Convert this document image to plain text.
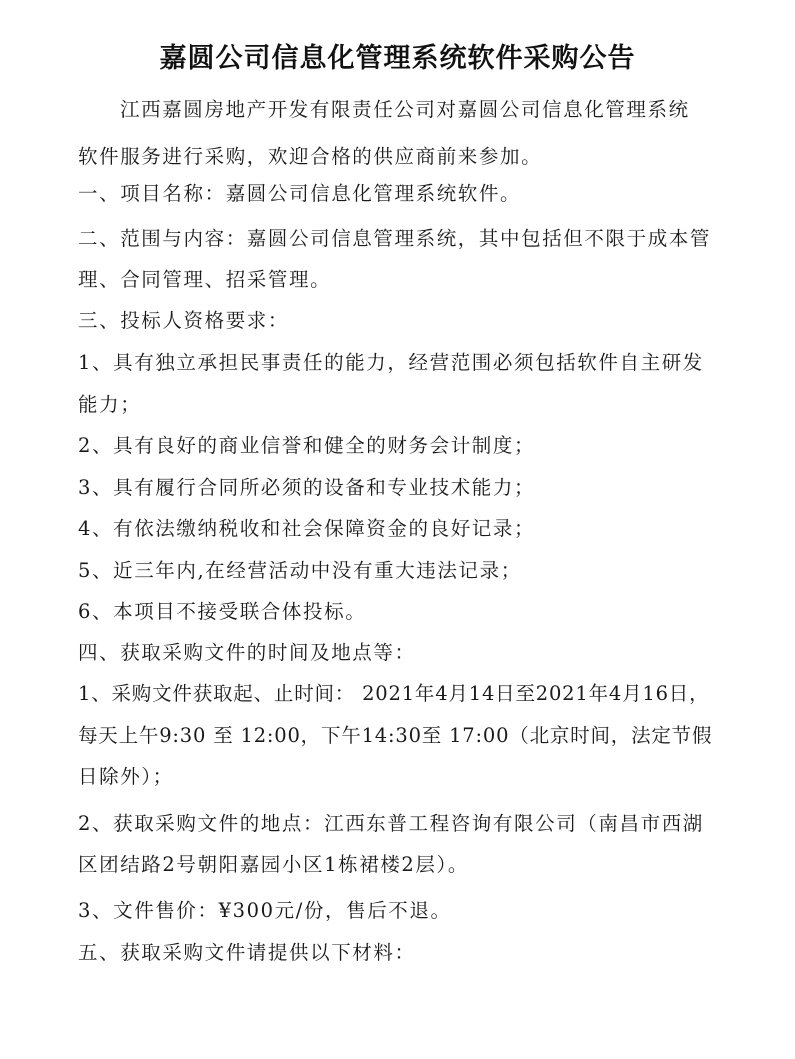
嘉圆公司信息化管理系统软件采购公告
江西嘉圆房地产开发有限责任公司对嘉圆公司信息化管理系统
软件服务进行采购，欢迎合格的供应商前来参加。
一、项目名称：嘉圆公司信息化管理系统软件。
二、范围与内容：嘉圆公司信息管理系统，其中包括但不限于成本管
理、合同管理、招采管理。
三、投标人资格要求：
1、具有独立承担民事责任的能力，经营范围必须包括软件自主研发
能力；
2、具有良好的商业信誉和健全的财务会计制度；
3、具有履行合同所必须的设备和专业技术能力；
4、有依法缴纳税收和社会保障资金的良好记录；
5、近三年内,在经营活动中没有重大违法记录；
6、本项目不接受联合体投标。
四、获取采购文件的时间及地点等：
1、采购文件获取起、止时间： 2021年4月14日至2021年4月16日，
每天上午9:30 至 12:00，下午14:30至 17:00（北京时间，法定节假
日除外）；
2、获取采购文件的地点：江西东普工程咨询有限公司（南昌市西湖
区团结路2号朝阳嘉园小区1栋裙楼2层）。
3、文件售价：¥300元/份，售后不退。
五、获取采购文件请提供以下材料：
